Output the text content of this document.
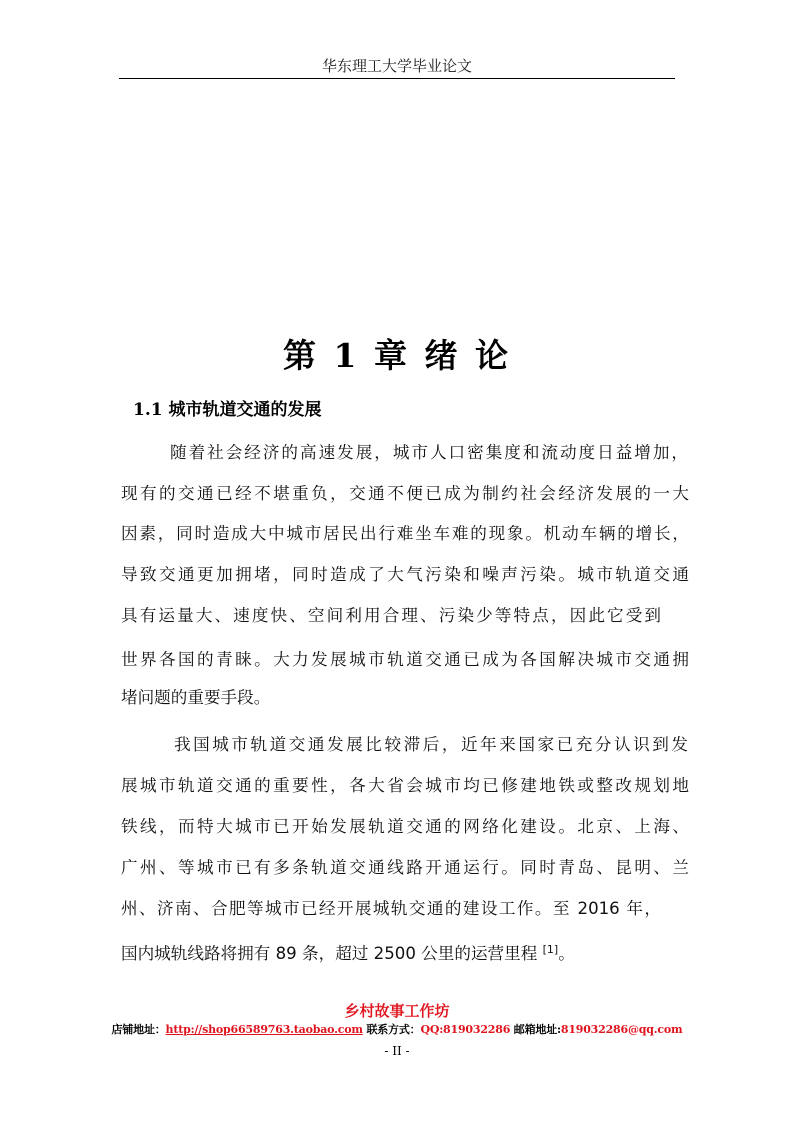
华东理工大学毕业论文
第 1 章 绪 论
1.1 城市轨道交通的发展
随着社会经济的高速发展，城市人口密集度和流动度日益增加，
现有的交通已经不堪重负，交通不便已成为制约社会经济发展的一大
因素，同时造成大中城市居民出行难坐车难的现象。机动车辆的增长，
导致交通更加拥堵，同时造成了大气污染和噪声污染。城市轨道交通
具有运量大、速度快、空间利用合理、污染少等特点，因此它受到
世界各国的青睐。大力发展城市轨道交通已成为各国解决城市交通拥
堵问题的重要手段。
我国城市轨道交通发展比较滞后，近年来国家已充分认识到发
展城市轨道交通的重要性，各大省会城市均已修建地铁或整改规划地
铁线，而特大城市已开始发展轨道交通的网络化建设。北京、上海、
广州、等城市已有多条轨道交通线路开通运行。同时青岛、昆明、兰
州、济南、合肥等城市已经开展城轨交通的建设工作。至 2016 年，
国内城轨线路将拥有 89 条，超过 2500 公里的运营里程 [1]。
乡村故事工作坊
店铺地址：http://shop66589763.taobao.com 联系方式：QQ:819032286 邮箱地址:819032286@qq.com
- II -
